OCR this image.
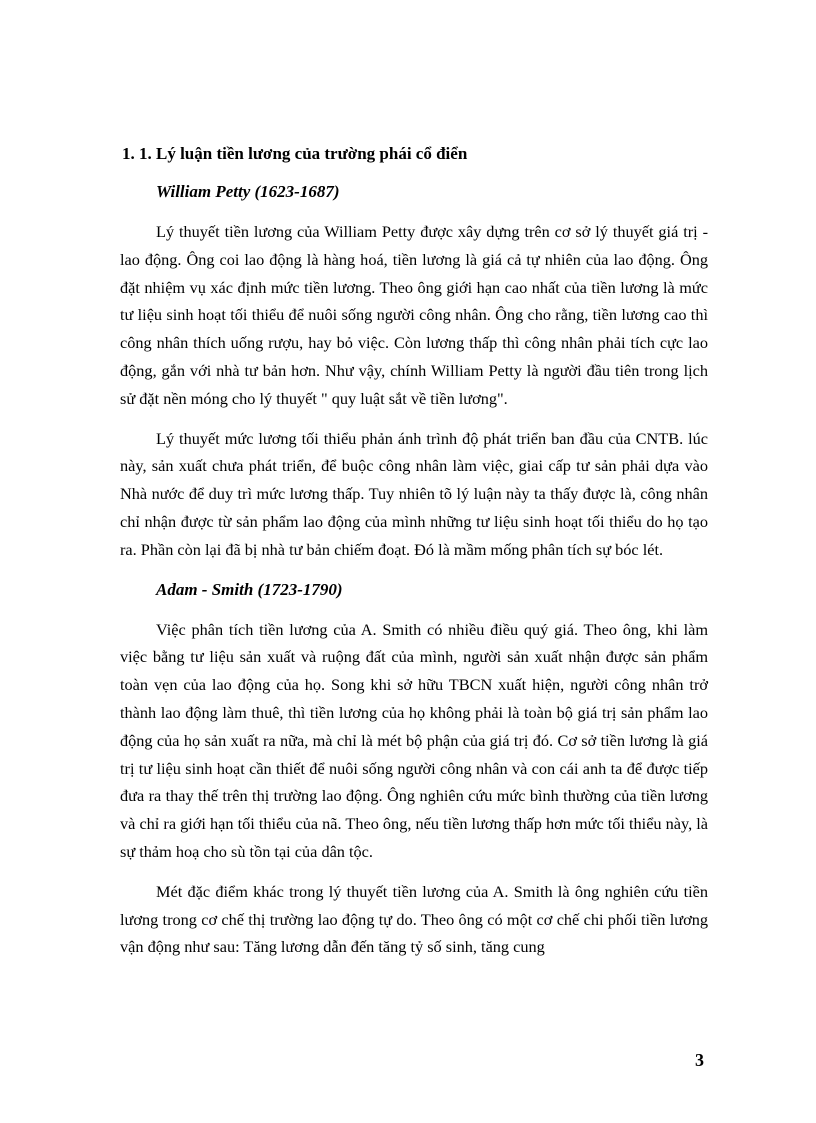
1. 1. Lý luận tiền lương của trường phái cổ điển
William Petty (1623-1687)

Lý thuyết tiền lương của William Petty được xây dựng trên cơ sở lý thuyết giá trị - lao động. Ông coi lao động là hàng hoá, tiền lương là giá cả tự nhiên của lao động. Ông đặt nhiệm vụ xác định mức tiền lương. Theo ông giới hạn cao nhất của tiền lương là mức tư liệu sinh hoạt tối thiểu để nuôi sống người công nhân. Ông cho rằng, tiền lương cao thì công nhân thích uống rượu, hay bỏ việc. Còn lương thấp thì công nhân phải tích cực lao động, gắn với nhà tư bản hơn. Như vậy, chính William Petty là người đầu tiên trong lịch sử đặt nền móng cho lý thuyết " quy luật sắt về tiền lương".

Lý thuyết mức lương tối thiểu phản ánh trình độ phát triển ban đầu của CNTB. lúc này, sản xuất chưa phát triển, để buộc công nhân làm việc, giai cấp tư sản phải dựa vào Nhà nước để duy trì mức lương thấp. Tuy nhiên tõ lý luận này ta thấy được là, công nhân chỉ nhận được từ sản phẩm lao động của mình những tư liệu sinh hoạt tối thiểu do họ tạo ra. Phần còn lại đã bị nhà tư bản chiếm đoạt. Đó là mầm mống phân tích sự bóc lét.

Adam - Smith (1723-1790)

Việc phân tích tiền lương của A. Smith có nhiều điều quý giá. Theo ông, khi làm việc bằng tư liệu sản xuất và ruộng đất của mình, người sản xuất nhận được sản phẩm toàn vẹn của lao động của họ. Song khi sở hữu TBCN xuất hiện, người công nhân trở thành lao động làm thuê, thì tiền lương của họ không phải là toàn bộ giá trị sản phẩm lao động của họ sản xuất ra nữa, mà chỉ là mét bộ phận của giá trị đó. Cơ sở tiền lương là giá trị tư liệu sinh hoạt cần thiết để nuôi sống người công nhân và con cái anh ta để được tiếp đưa ra thay thế trên thị trường lao động. Ông nghiên cứu mức bình thường của tiền lương và chỉ ra giới hạn tối thiểu của nã. Theo ông, nếu tiền lương thấp hơn mức tối thiểu này, là sự thảm hoạ cho sù tồn tại của dân tộc.

Mét đặc điểm khác trong lý thuyết tiền lương của A. Smith là ông nghiên cứu tiền lương trong cơ chế thị trường lao động tự do. Theo ông có một cơ chế chi phối tiền lương vận động như sau: Tăng lương dẫn đến tăng tỷ số sinh, tăng cung

3
